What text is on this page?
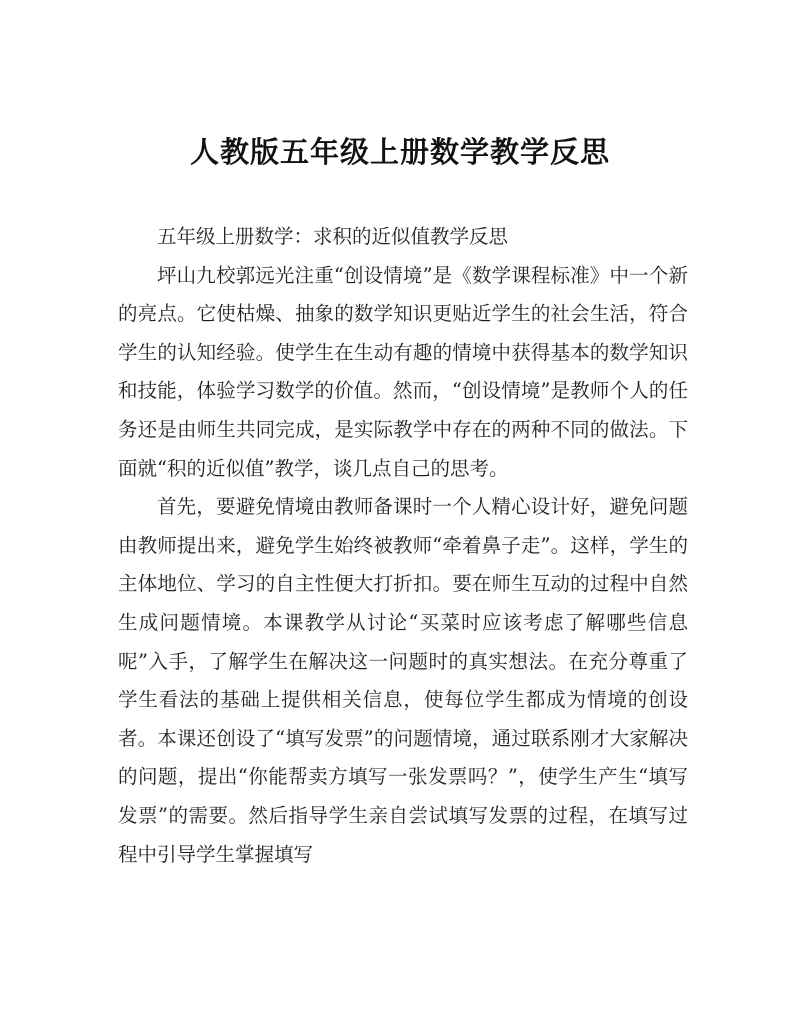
人教版五年级上册数学教学反思

五年级上册数学：求积的近似值教学反思

坪山九校郭远光注重“创设情境”是《数学课程标准》中一个新的亮点。它使枯燥、抽象的数学知识更贴近学生的社会生活，符合学生的认知经验。使学生在生动有趣的情境中获得基本的数学知识和技能，体验学习数学的价值。然而，“创设情境”是教师个人的任务还是由师生共同完成，是实际教学中存在的两种不同的做法。下面就“积的近似值”教学，谈几点自己的思考。

首先，要避免情境由教师备课时一个人精心设计好，避免问题由教师提出来，避免学生始终被教师“牵着鼻子走”。这样，学生的主体地位、学习的自主性便大打折扣。要在师生互动的过程中自然生成问题情境。本课教学从讨论“买菜时应该考虑了解哪些信息呢”入手，了解学生在解决这一问题时的真实想法。在充分尊重了学生看法的基础上提供相关信息，使每位学生都成为情境的创设者。本课还创设了“填写发票”的问题情境，通过联系刚才大家解决的问题，提出“你能帮卖方填写一张发票吗？”，使学生产生“填写发票”的需要。然后指导学生亲自尝试填写发票的过程，在填写过程中引导学生掌握填写
